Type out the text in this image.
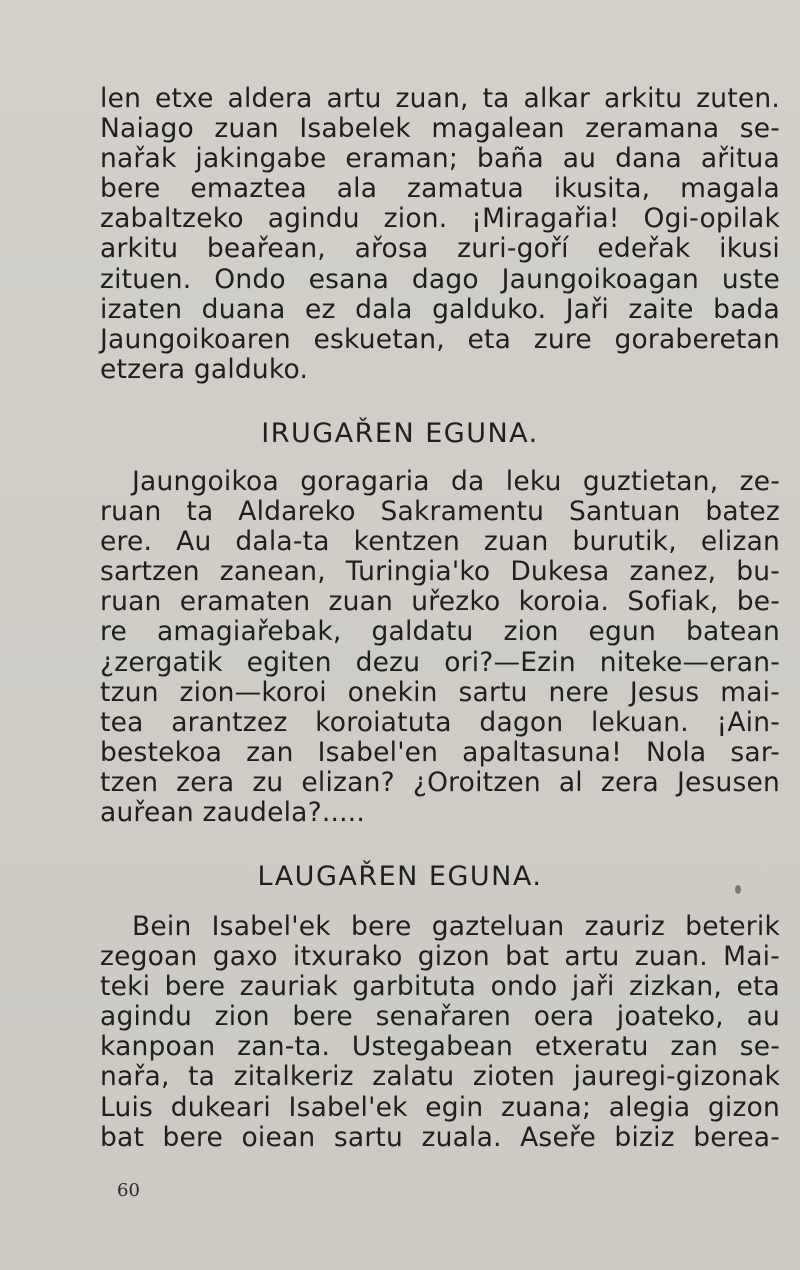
len etxe aldera artu zuan, ta alkar arkitu zuten.
Naiago zuan Isabelek magalean zeramana se-
nařak jakingabe eraman; baña au dana ařitua
bere emaztea ala zamatua ikusita, magala
zabaltzeko agindu zion. ¡Miragařia! Ogi-opilak
arkitu beařean, ařosa zuri-goří edeřak ikusi
zituen. Ondo esana dago Jaungoikoagan uste
izaten duana ez dala galduko. Jaři zaite bada
Jaungoikoaren eskuetan, eta zure goraberetan
etzera galduko.
IRUGAŘEN EGUNA.
Jaungoikoa goragaria da leku guztietan, ze-
ruan ta Aldareko Sakramentu Santuan batez
ere. Au dala-ta kentzen zuan burutik, elizan
sartzen zanean, Turingia'ko Dukesa zanez, bu-
ruan eramaten zuan uřezko koroia. Sofiak, be-
re amagiařebak, galdatu zion egun batean
¿zergatik egiten dezu ori?—Ezin niteke—eran-
tzun zion—koroi onekin sartu nere Jesus mai-
tea arantzez koroiatuta dagon lekuan. ¡Ain-
bestekoa zan Isabel'en apaltasuna! Nola sar-
tzen zera zu elizan? ¿Oroitzen al zera Jesusen
auřean zaudela?.....
LAUGAŘEN EGUNA.
Bein Isabel'ek bere gazteluan zauriz beterik
zegoan gaxo itxurako gizon bat artu zuan. Mai-
teki bere zauriak garbituta ondo jaři zizkan, eta
agindu zion bere senařaren oera joateko, au
kanpoan zan-ta. Ustegabean etxeratu zan se-
nařa, ta zitalkeriz zalatu zioten jauregi-gizonak
Luis dukeari Isabel'ek egin zuana; alegia gizon
bat bere oiean sartu zuala. Aseře biziz berea-
60
